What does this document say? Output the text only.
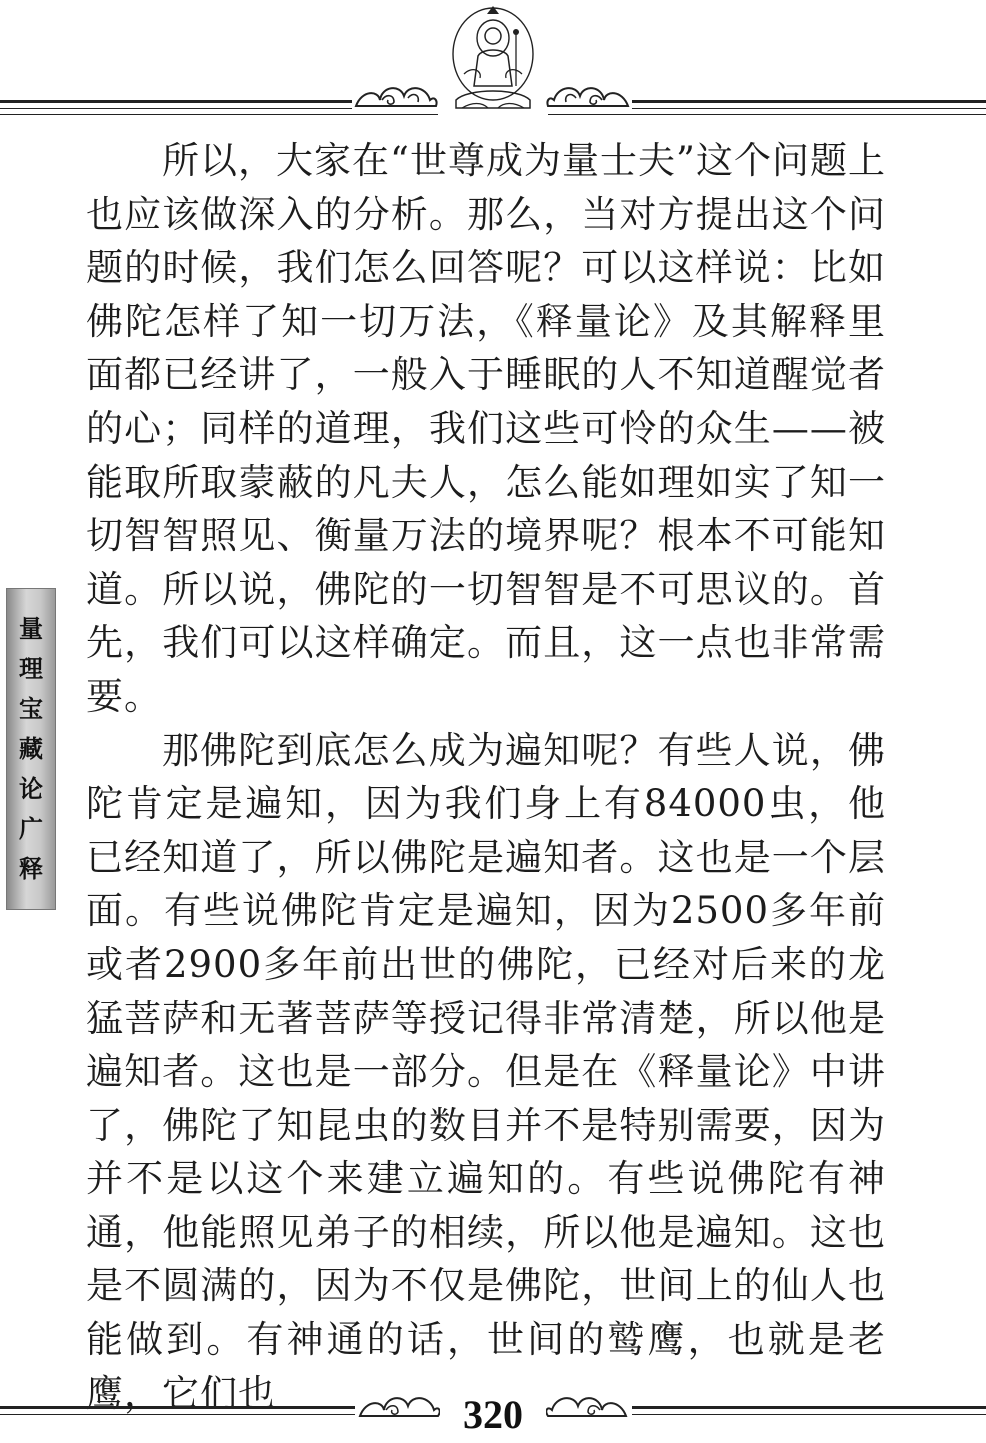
量
理
宝
藏
论
广
释

所以，大家在“世尊成为量士夫”这个问题上也应该做深入的分析。那么，当对方提出这个问题的时候，我们怎么回答呢？可以这样说：比如佛陀怎样了知一切万法，《释量论》及其解释里面都已经讲了，一般入于睡眠的人不知道醒觉者的心；同样的道理，我们这些可怜的众生——被能取所取蒙蔽的凡夫人，怎么能如理如实了知一切智智照见、衡量万法的境界呢？根本不可能知道。所以说，佛陀的一切智智是不可思议的。首先，我们可以这样确定。而且，这一点也非常需要。

那佛陀到底怎么成为遍知呢？有些人说，佛陀肯定是遍知，因为我们身上有84000虫，他已经知道了，所以佛陀是遍知者。这也是一个层面。有些说佛陀肯定是遍知，因为2500多年前或者2900多年前出世的佛陀，已经对后来的龙猛菩萨和无著菩萨等授记得非常清楚，所以他是遍知者。这也是一部分。但是在《释量论》中讲了，佛陀了知昆虫的数目并不是特别需要，因为并不是以这个来建立遍知的。有些说佛陀有神通，他能照见弟子的相续，所以他是遍知。这也是不圆满的，因为不仅是佛陀，世间上的仙人也能做到。有神通的话，世间的鹫鹰，也就是老鹰，它们也	320
